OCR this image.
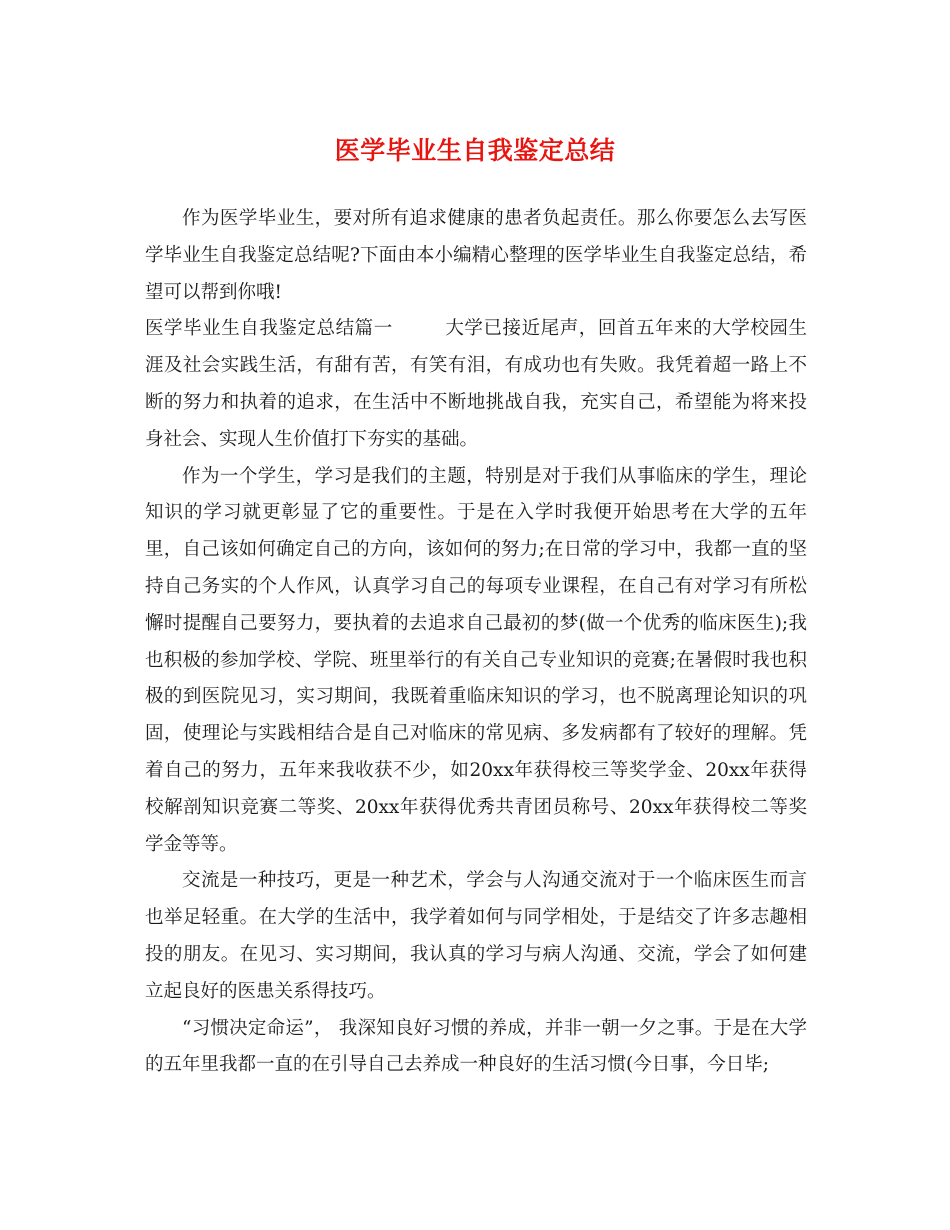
医学毕业生自我鉴定总结

作为医学毕业生，要对所有追求健康的患者负起责任。那么你要怎么去写医学毕业生自我鉴定总结呢?下面由本小编精心整理的医学毕业生自我鉴定总结，希望可以帮到你哦!

医学毕业生自我鉴定总结篇一	大学已接近尾声，回首五年来的大学校园生涯及社会实践生活，有甜有苦，有笑有泪，有成功也有失败。我凭着超一路上不断的努力和执着的追求，在生活中不断地挑战自我，充实自己，希望能为将来投身社会、实现人生价值打下夯实的基础。

作为一个学生，学习是我们的主题，特别是对于我们从事临床的学生，理论知识的学习就更彰显了它的重要性。于是在入学时我便开始思考在大学的五年里，自己该如何确定自己的方向，该如何的努力;在日常的学习中，我都一直的坚持自己务实的个人作风，认真学习自己的每项专业课程，在自己有对学习有所松懈时提醒自己要努力，要执着的去追求自己最初的梦(做一个优秀的临床医生);我也积极的参加学校、学院、班里举行的有关自己专业知识的竞赛;在暑假时我也积极的到医院见习，实习期间，我既着重临床知识的学习，也不脱离理论知识的巩固，使理论与实践相结合是自己对临床的常见病、多发病都有了较好的理解。凭着自己的努力，五年来我收获不少，如20xx年获得校三等奖学金、20xx年获得校解剖知识竞赛二等奖、20xx年获得优秀共青团员称号、20xx年获得校二等奖学金等等。

交流是一种技巧，更是一种艺术，学会与人沟通交流对于一个临床医生而言也举足轻重。在大学的生活中，我学着如何与同学相处，于是结交了许多志趣相投的朋友。在见习、实习期间，我认真的学习与病人沟通、交流，学会了如何建立起良好的医患关系得技巧。

“习惯决定命运”， 我深知良好习惯的养成，并非一朝一夕之事。于是在大学的五年里我都一直的在引导自己去养成一种良好的生活习惯(今日事，今日毕;
